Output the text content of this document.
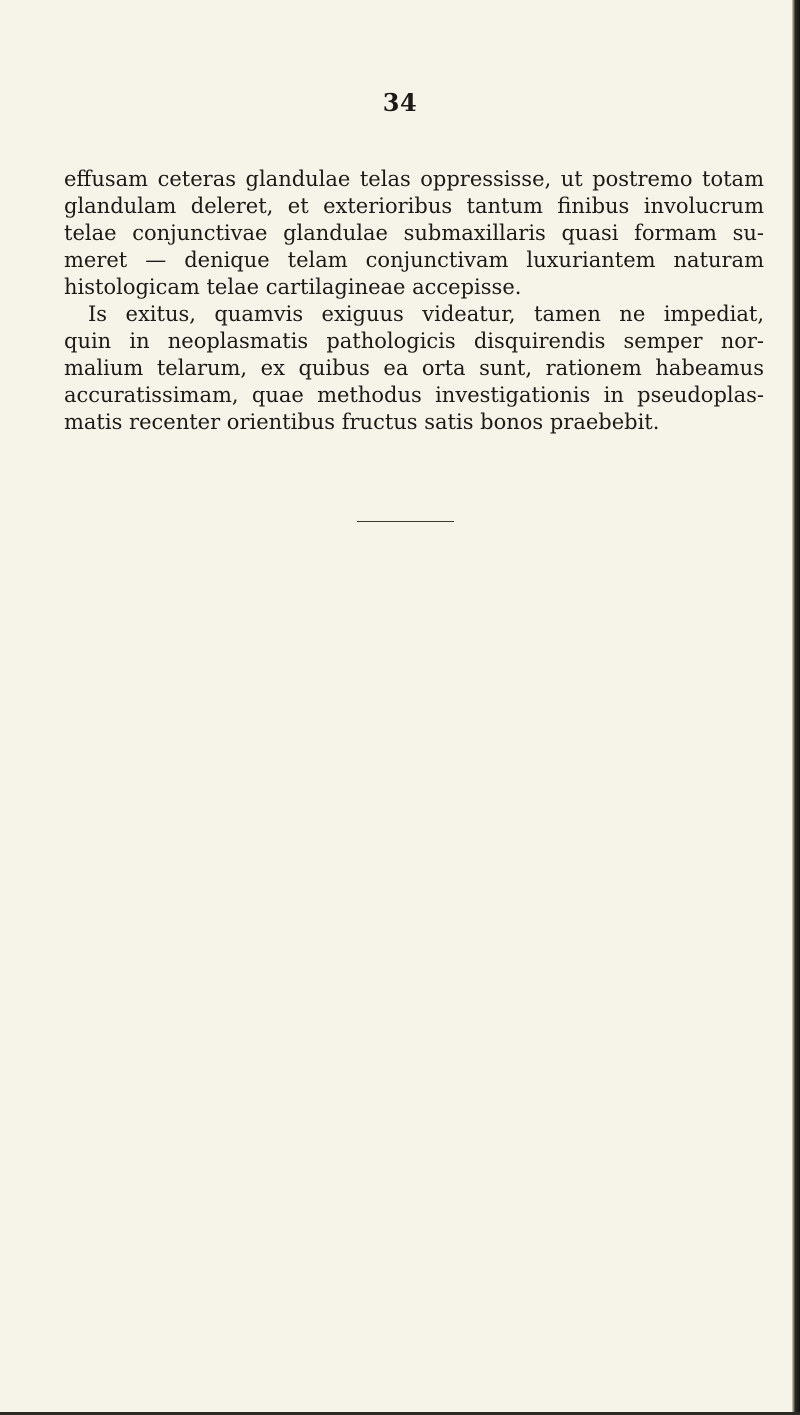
34
effusam ceteras glandulae telas oppressisse, ut postremo totam
glandulam deleret, et exterioribus tantum finibus involucrum
telae conjunctivae glandulae submaxillaris quasi formam su-
meret — denique telam conjunctivam luxuriantem naturam
histologicam telae cartilagineae accepisse.
Is exitus, quamvis exiguus videatur, tamen ne impediat,
quin in neoplasmatis pathologicis disquirendis semper nor-
malium telarum, ex quibus ea orta sunt, rationem habeamus
accuratissimam, quae methodus investigationis in pseudoplas-
matis recenter orientibus fructus satis bonos praebebit.
